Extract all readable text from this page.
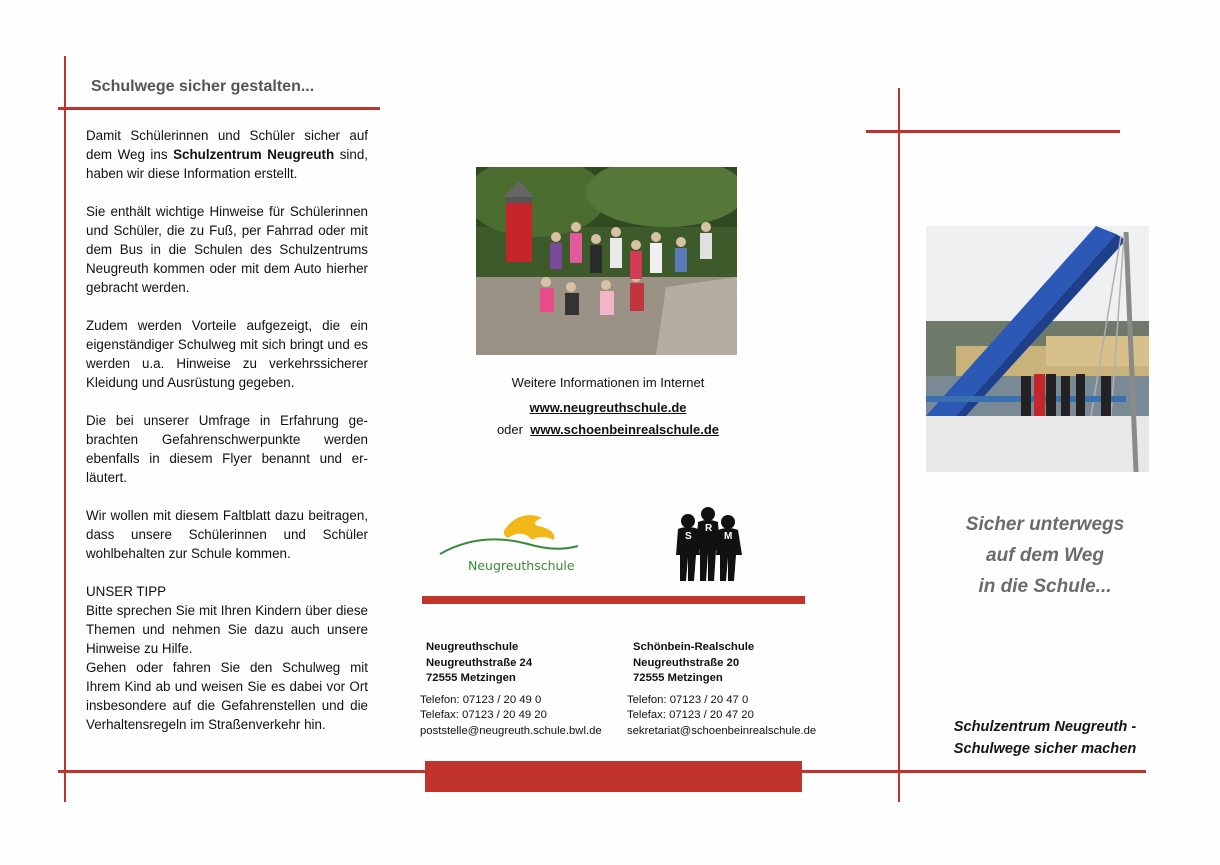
Schulwege sicher gestalten...

Damit Schülerinnen und Schüler sicher auf dem Weg ins Schulzentrum Neugreuth sind, haben wir diese Information erstellt.

Sie enthält wichtige Hinweise für Schülerinnen und Schüler, die zu Fuß, per Fahrrad oder mit dem Bus in die Schulen des Schulzentrums Neugreuth kommen oder mit dem Auto hierher gebracht werden.

Zudem werden Vorteile aufgezeigt, die ein eigenständiger Schulweg mit sich bringt und es werden u.a. Hinweise zu verkehrssicherer Kleidung und Ausrüstung gegeben.

Die bei unserer Umfrage in Erfahrung gebrachten Gefahrenschwerpunkte werden ebenfalls in diesem Flyer benannt und erläutert.

Wir wollen mit diesem Faltblatt dazu beitragen, dass unsere Schülerinnen und Schüler wohlbehalten zur Schule kommen.

UNSER TIPP

Bitte sprechen Sie mit Ihren Kindern über diese Themen und nehmen Sie dazu auch unsere Hinweise zu Hilfe.

Gehen oder fahren Sie den Schulweg mit Ihrem Kind ab und weisen Sie es dabei vor Ort insbesondere auf die Gefahrenstellen und die Verhaltensregeln im Straßenverkehr hin.

Weitere Informationen im Internet
www.neugreuthschule.de
oder www.schoenbeinrealschule.de
Neugreuthschule
S
R
M
Neugreuthschule
Neugreuthstraße 24
72555 Metzingen
Telefon: 07123 / 20 49 0
Telefax: 07123 / 20 49 20
poststelle@neugreuth.schule.bwl.de
Schönbein-Realschule
Neugreuthstraße 20
72555 Metzingen
Telefon: 07123 / 20 47 0
Telefax: 07123 / 20 47 20
sekretariat@schoenbeinrealschule.de
Sicher unterwegs
auf dem Weg
in die Schule...
Schulzentrum Neugreuth -
Schulwege sicher machen
